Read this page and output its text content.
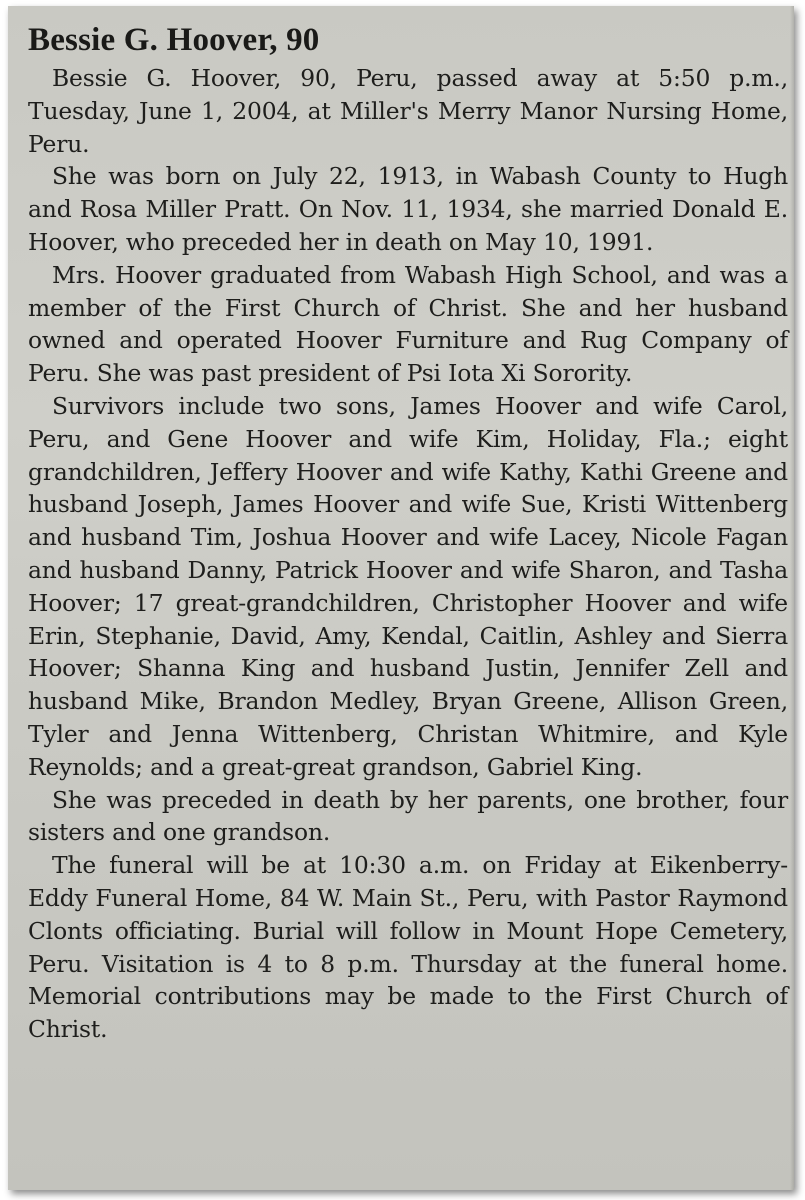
Bessie G. Hoover, 90

Bessie G. Hoover, 90, Peru, passed away at 5:50 p.m., Tuesday, June 1, 2004, at Miller's Merry Manor Nursing Home, Peru.

She was born on July 22, 1913, in Wabash County to Hugh and Rosa Miller Pratt. On Nov. 11, 1934, she married Donald E. Hoover, who preceded her in death on May 10, 1991.

Mrs. Hoover graduated from Wabash High School, and was a member of the First Church of Christ. She and her husband owned and operated Hoover Furniture and Rug Company of Peru. She was past president of Psi Iota Xi Sorority.

Survivors include two sons, James Hoover and wife Carol, Peru, and Gene Hoover and wife Kim, Holiday, Fla.; eight grandchildren, Jeffery Hoover and wife Kathy, Kathi Greene and husband Joseph, James Hoover and wife Sue, Kristi Wittenberg and husband Tim, Joshua Hoover and wife Lacey, Nicole Fagan and husband Danny, Patrick Hoover and wife Sharon, and Tasha Hoover; 17 great-grandchildren, Christopher Hoover and wife Erin, Stephanie, David, Amy, Kendal, Caitlin, Ashley and Sierra Hoover; Shanna King and husband Justin, Jennifer Zell and husband Mike, Brandon Medley, Bryan Greene, Allison Green, Tyler and Jenna Wittenberg, Christan Whitmire, and Kyle Reynolds; and a great-great grandson, Gabriel King.

She was preceded in death by her parents, one brother, four sisters and one grandson.

The funeral will be at 10:30 a.m. on Friday at Eikenberry-Eddy Funeral Home, 84 W. Main St., Peru, with Pastor Raymond Clonts officiating. Burial will follow in Mount Hope Cemetery, Peru. Visitation is 4 to 8 p.m. Thursday at the funeral home. Memorial contributions may be made to the First Church of Christ.
